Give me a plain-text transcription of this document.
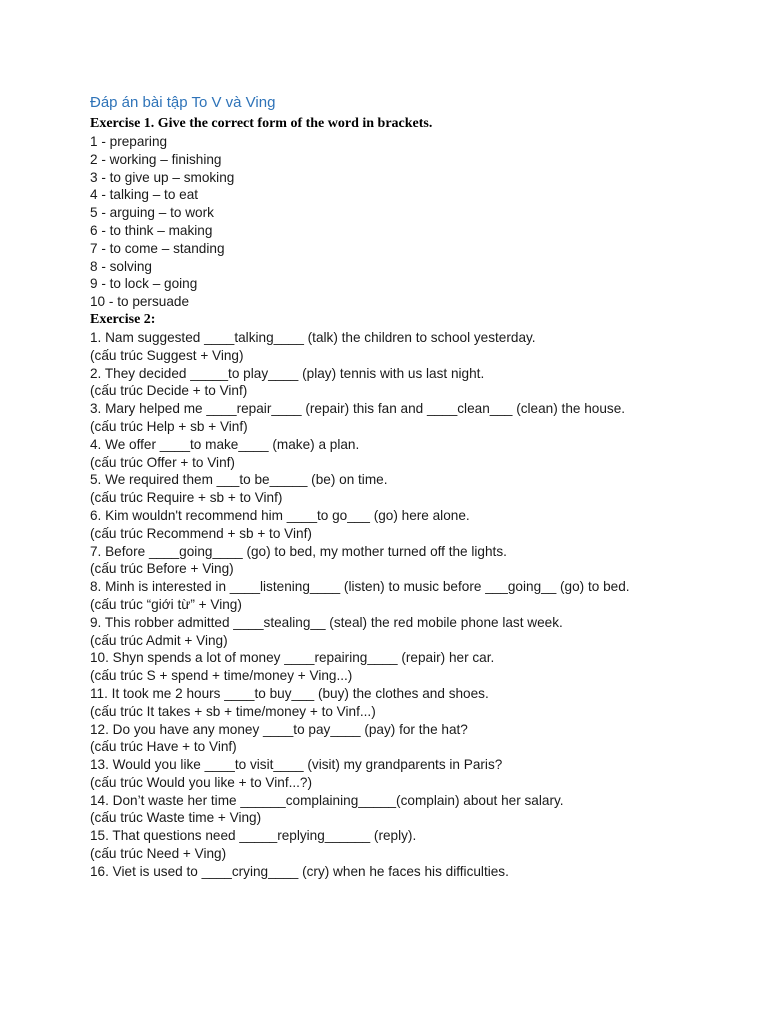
Đáp án bài tập To V và Ving
Exercise 1. Give the correct form of the word in brackets.
1 - preparing
2 - working – finishing
3 - to give up – smoking
4 - talking – to eat
5 - arguing – to work
6 - to think – making
7 - to come – standing
8 - solving
9 - to lock – going
10 - to persuade
Exercise 2:
1. Nam suggested ____talking____ (talk) the children to school yesterday.
(cấu trúc Suggest + Ving)
2. They decided _____to play____ (play) tennis with us last night.
(cấu trúc Decide + to Vinf)
3. Mary helped me ____repair____ (repair) this fan and ____clean___ (clean) the house.
(cấu trúc Help + sb + Vinf)
4. We offer ____to make____ (make) a plan.
(cấu trúc Offer + to Vinf)
5. We required them ___to be_____ (be) on time.
(cấu trúc Require + sb + to Vinf)
6. Kim wouldn't recommend him ____to go___ (go) here alone.
(cấu trúc Recommend + sb + to Vinf)
7. Before ____going____ (go) to bed, my mother turned off the lights.
(cấu trúc Before + Ving)
8. Minh is interested in ____listening____ (listen) to music before ___going__ (go) to bed.
(cấu trúc “giới từ” + Ving)
9. This robber admitted ____stealing__ (steal) the red mobile phone last week.
(cấu trúc Admit + Ving)
10. Shyn spends a lot of money ____repairing____ (repair) her car.
(cấu trúc S + spend + time/money + Ving...)
11. It took me 2 hours ____to buy___ (buy) the clothes and shoes.
(cấu trúc It takes + sb + time/money + to Vinf...)
12. Do you have any money ____to pay____ (pay) for the hat?
(cấu trúc Have + to Vinf)
13. Would you like ____to visit____ (visit) my grandparents in Paris?
(cấu trúc Would you like + to Vinf...?)
14. Don’t waste her time ______complaining_____(complain) about her salary.
(cấu trúc Waste time + Ving)
15. That questions need _____replying______ (reply).
(cấu trúc Need + Ving)
16. Viet is used to ____crying____ (cry) when he faces his difficulties.
